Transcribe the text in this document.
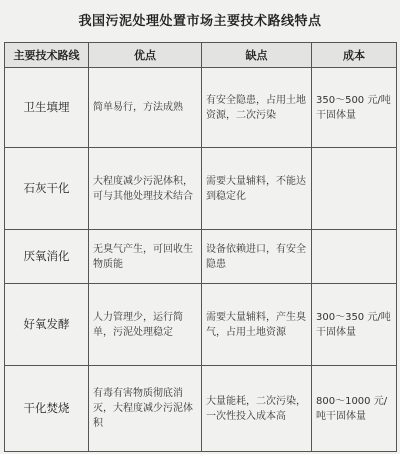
我国污泥处理处置市场主要技术路线特点
主要技术路线	优点	缺点	成本
卫生填埋	简单易行，方法成熟	有安全隐患，占用土地资源，二次污染	350～500 元/吨干固体量
石灰干化	大程度减少污泥体积，可与其他处理技术结合	需要大量辅料，不能达到稳定化	
厌氧消化	无臭气产生，可回收生物质能	设备依赖进口，有安全隐患	
好氧发酵	人力管理少，运行简单，污泥处理稳定	需要大量辅料，产生臭气，占用土地资源	300～350 元/吨干固体量
干化焚烧	有毒有害物质彻底消灭，大程度减少污泥体积	大量能耗，二次污染，一次性投入成本高	800～1000 元/吨干固体量
